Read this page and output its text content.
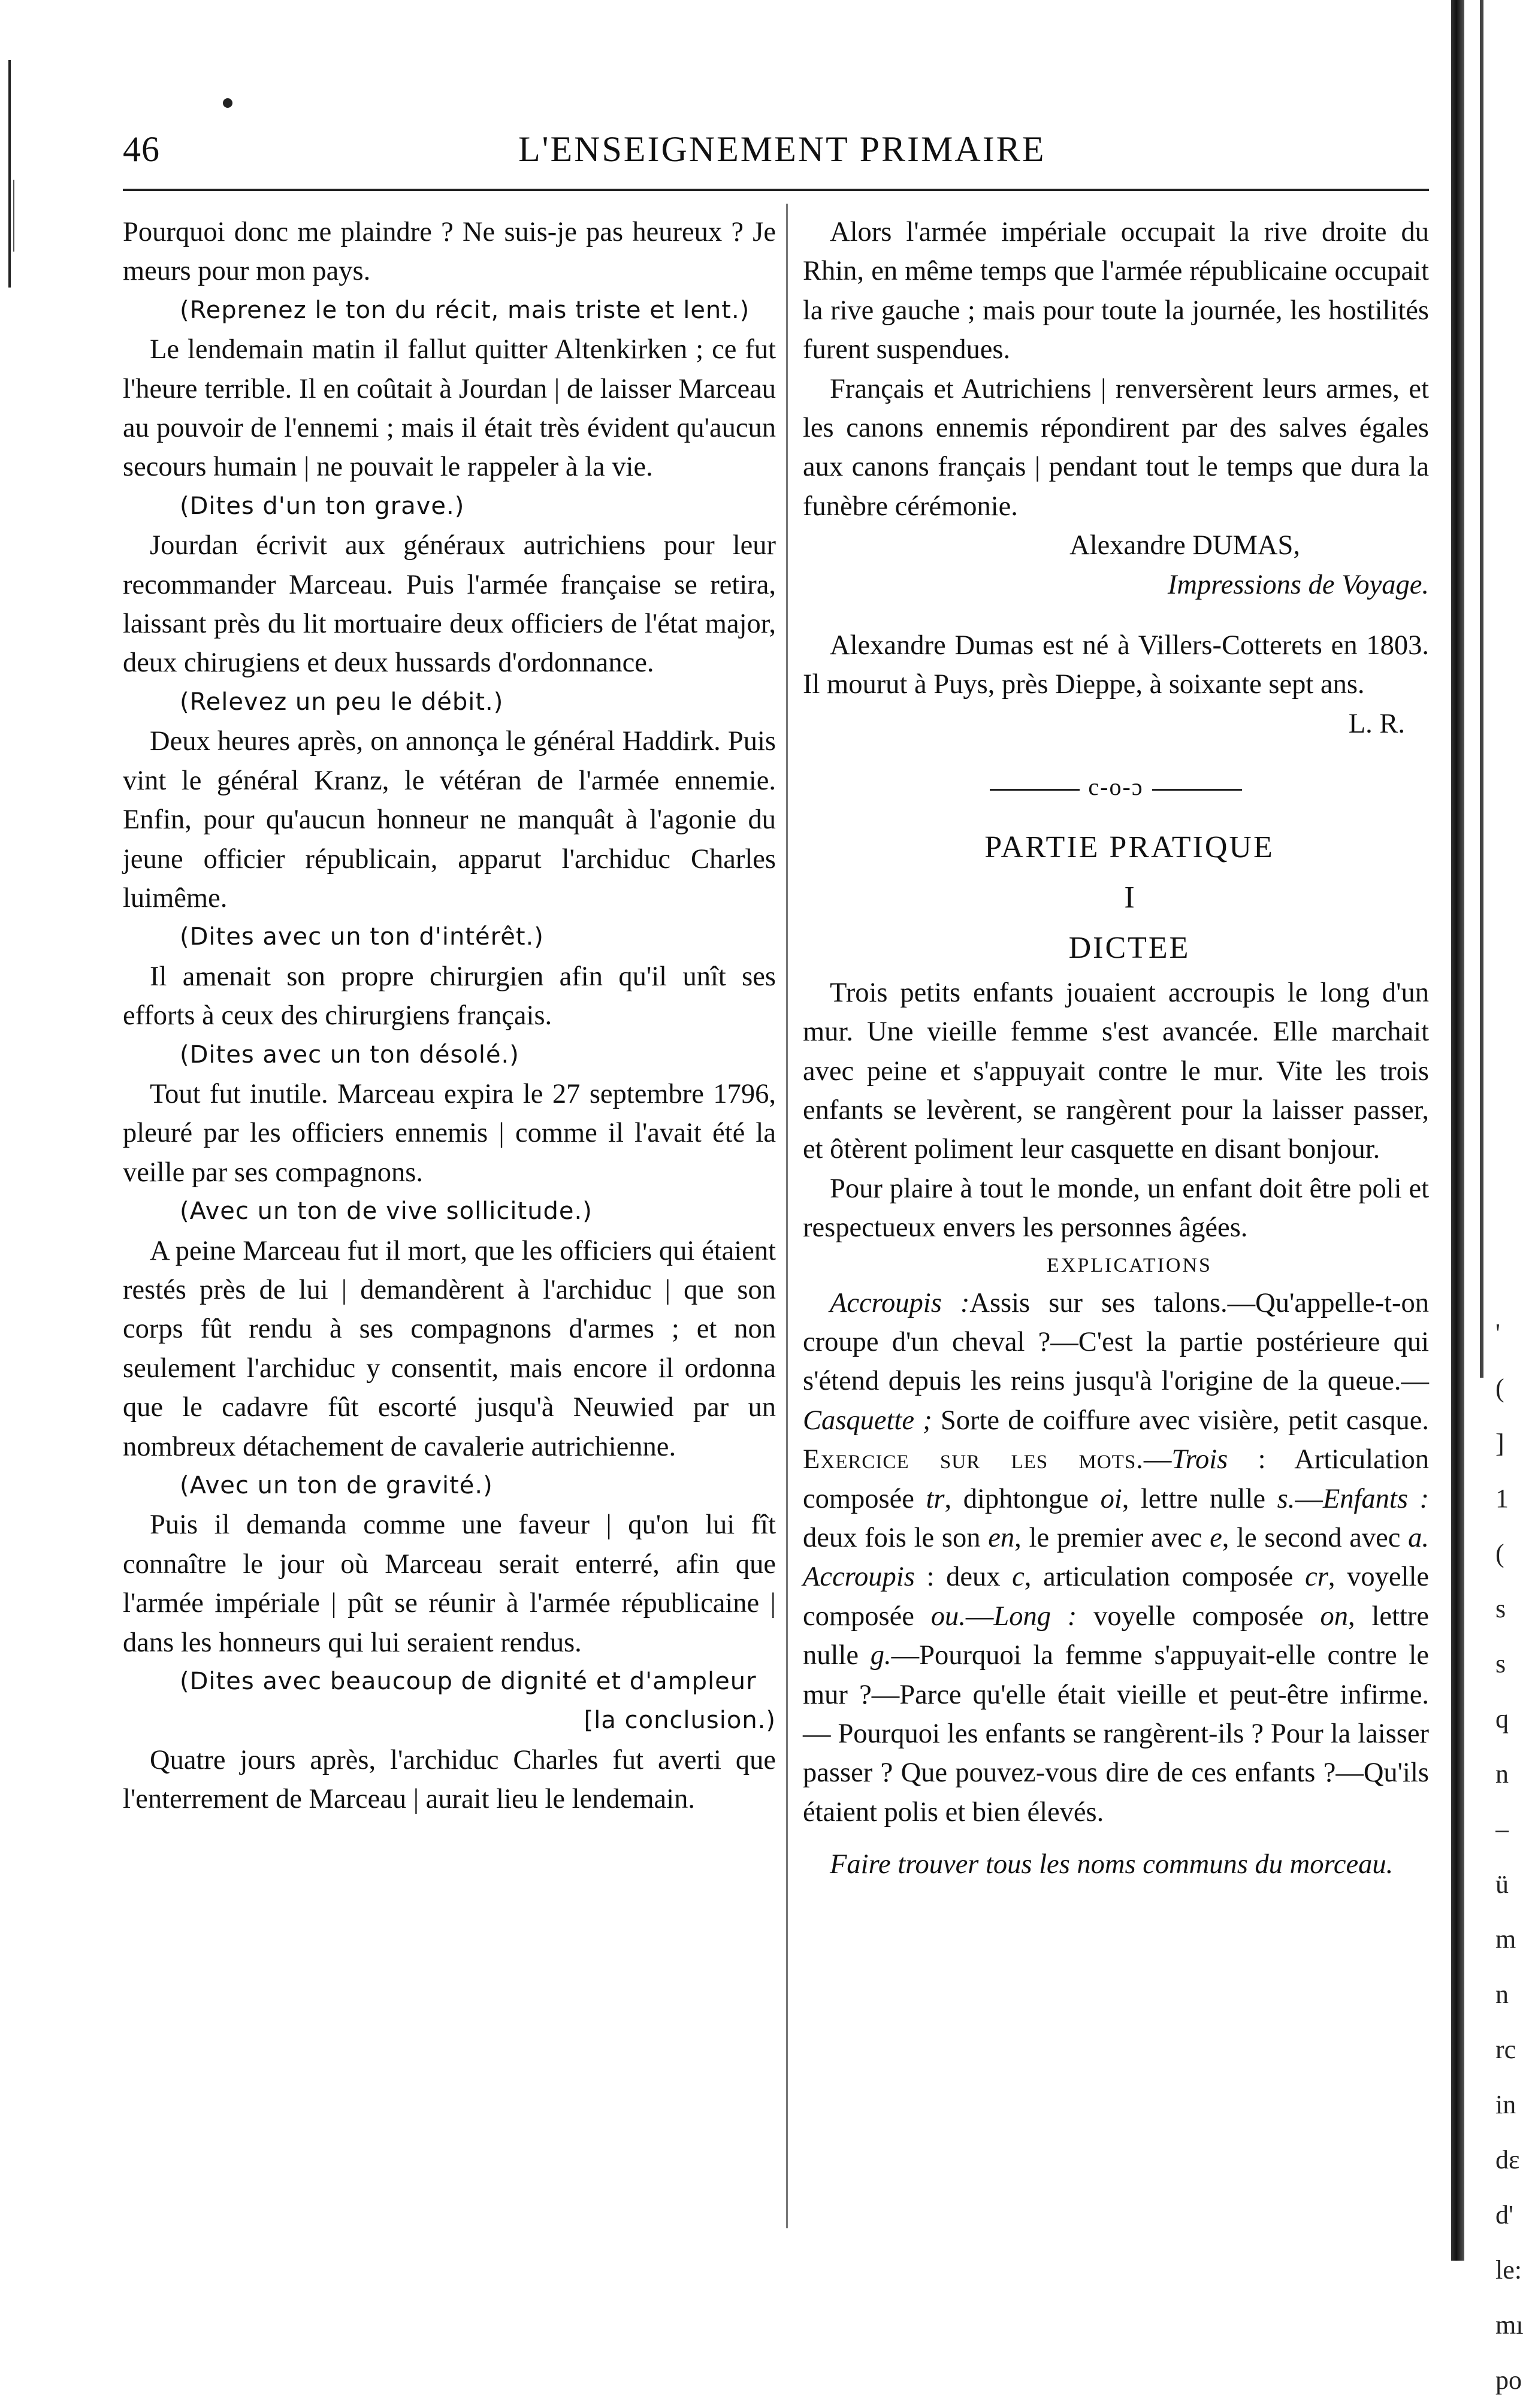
46	L'ENSEIGNEMENT PRIMAIRE

Pourquoi donc me plaindre ? Ne suis-je pas heureux ? Je meurs pour mon pays.

(Reprenez le ton du récit, mais triste et lent.)

Le lendemain matin il fallut quitter Altenkirken ; ce fut l'heure terrible. Il en coûtait à Jourdan | de laisser Marceau au pouvoir de l'ennemi ; mais il était très évident qu'aucun secours humain | ne pouvait le rappeler à la vie.

(Dites d'un ton grave.)

Jourdan écrivit aux généraux autrichiens pour leur recommander Marceau. Puis l'armée française se retira, laissant près du lit mortuaire deux officiers de l'état major, deux chirugiens et deux hussards d'ordonnance.

(Relevez un peu le débit.)

Deux heures après, on annonça le général Haddirk. Puis vint le général Kranz, le vétéran de l'armée ennemie. Enfin, pour qu'aucun honneur ne manquât à l'agonie du jeune officier républicain, apparut l'archiduc Charles luimême.

(Dites avec un ton d'intérêt.)

Il amenait son propre chirurgien afin qu'il unît ses efforts à ceux des chirurgiens français.

(Dites avec un ton désolé.)

Tout fut inutile. Marceau expira le 27 septembre 1796, pleuré par les officiers ennemis | comme il l'avait été la veille par ses compagnons.

(Avec un ton de vive sollicitude.)

A peine Marceau fut il mort, que les officiers qui étaient restés près de lui | demandèrent à l'archiduc | que son corps fût rendu à ses compagnons d'armes ; et non seulement l'archiduc y consentit, mais encore il ordonna que le cadavre fût escorté jusqu'à Neuwied par un nombreux détachement de cavalerie autrichienne.

(Avec un ton de gravité.)

Puis il demanda comme une faveur | qu'on lui fît connaître le jour où Marceau serait enterré, afin que l'armée impériale | pût se réunir à l'armée républicaine | dans les honneurs qui lui seraient rendus.

(Dites avec beaucoup de dignité et d'ampleur

[la conclusion.)

Quatre jours après, l'archiduc Charles fut averti que l'enterrement de Marceau | aurait lieu le lendemain.

Alors l'armée impériale occupait la rive droite du Rhin, en même temps que l'armée républicaine occupait la rive gauche ; mais pour toute la journée, les hostilités furent suspendues.

Français et Autrichiens | renversèrent leurs armes, et les canons ennemis répondirent par des salves égales aux canons français | pendant tout le temps que dura la funèbre cérémonie.

Alexandre DUMAS,
Impressions de Voyage.

Alexandre Dumas est né à Villers-Cotterets en 1803. Il mourut à Puys, près Dieppe, à soixante sept ans.

L. R.
c-o-ɔ

PARTIE PRATIQUE

I

DICTEE

Trois petits enfants jouaient accroupis le long d'un mur. Une vieille femme s'est avancée. Elle marchait avec peine et s'appuyait contre le mur. Vite les trois enfants se levèrent, se rangèrent pour la laisser passer, et ôtèrent poliment leur casquette en disant bonjour.

Pour plaire à tout le monde, un enfant doit être poli et respectueux envers les personnes âgées.

EXPLICATIONS

Accroupis :Assis sur ses talons.—Qu'appelle-t-on croupe d'un cheval ?—C'est la partie postérieure qui s'étend depuis les reins jusqu'à l'origine de la queue.—Casquette ; Sorte de coiffure avec visière, petit casque. Exercice sur les mots.—Trois : Articulation composée tr, diphtongue oi, lettre nulle s.—Enfants : deux fois le son en, le premier avec e, le second avec a. Accroupis : deux c, articulation composée cr, voyelle composée ou.—Long : voyelle composée on, lettre nulle g.—Pourquoi la femme s'appuyait-elle contre le mur ?—Parce qu'elle était vieille et peut-être infirme. — Pourquoi les enfants se rangèrent-ils ? Pour la laisser passer ? Que pouvez-vous dire de ces enfants ?—Qu'ils étaient polis et bien élevés.

Faire trouver tous les noms communs du morceau.

'
(
]
1
(
s
s
q
n
–
ü
m
n
rc
in
dε
d'
le:
mı
po
